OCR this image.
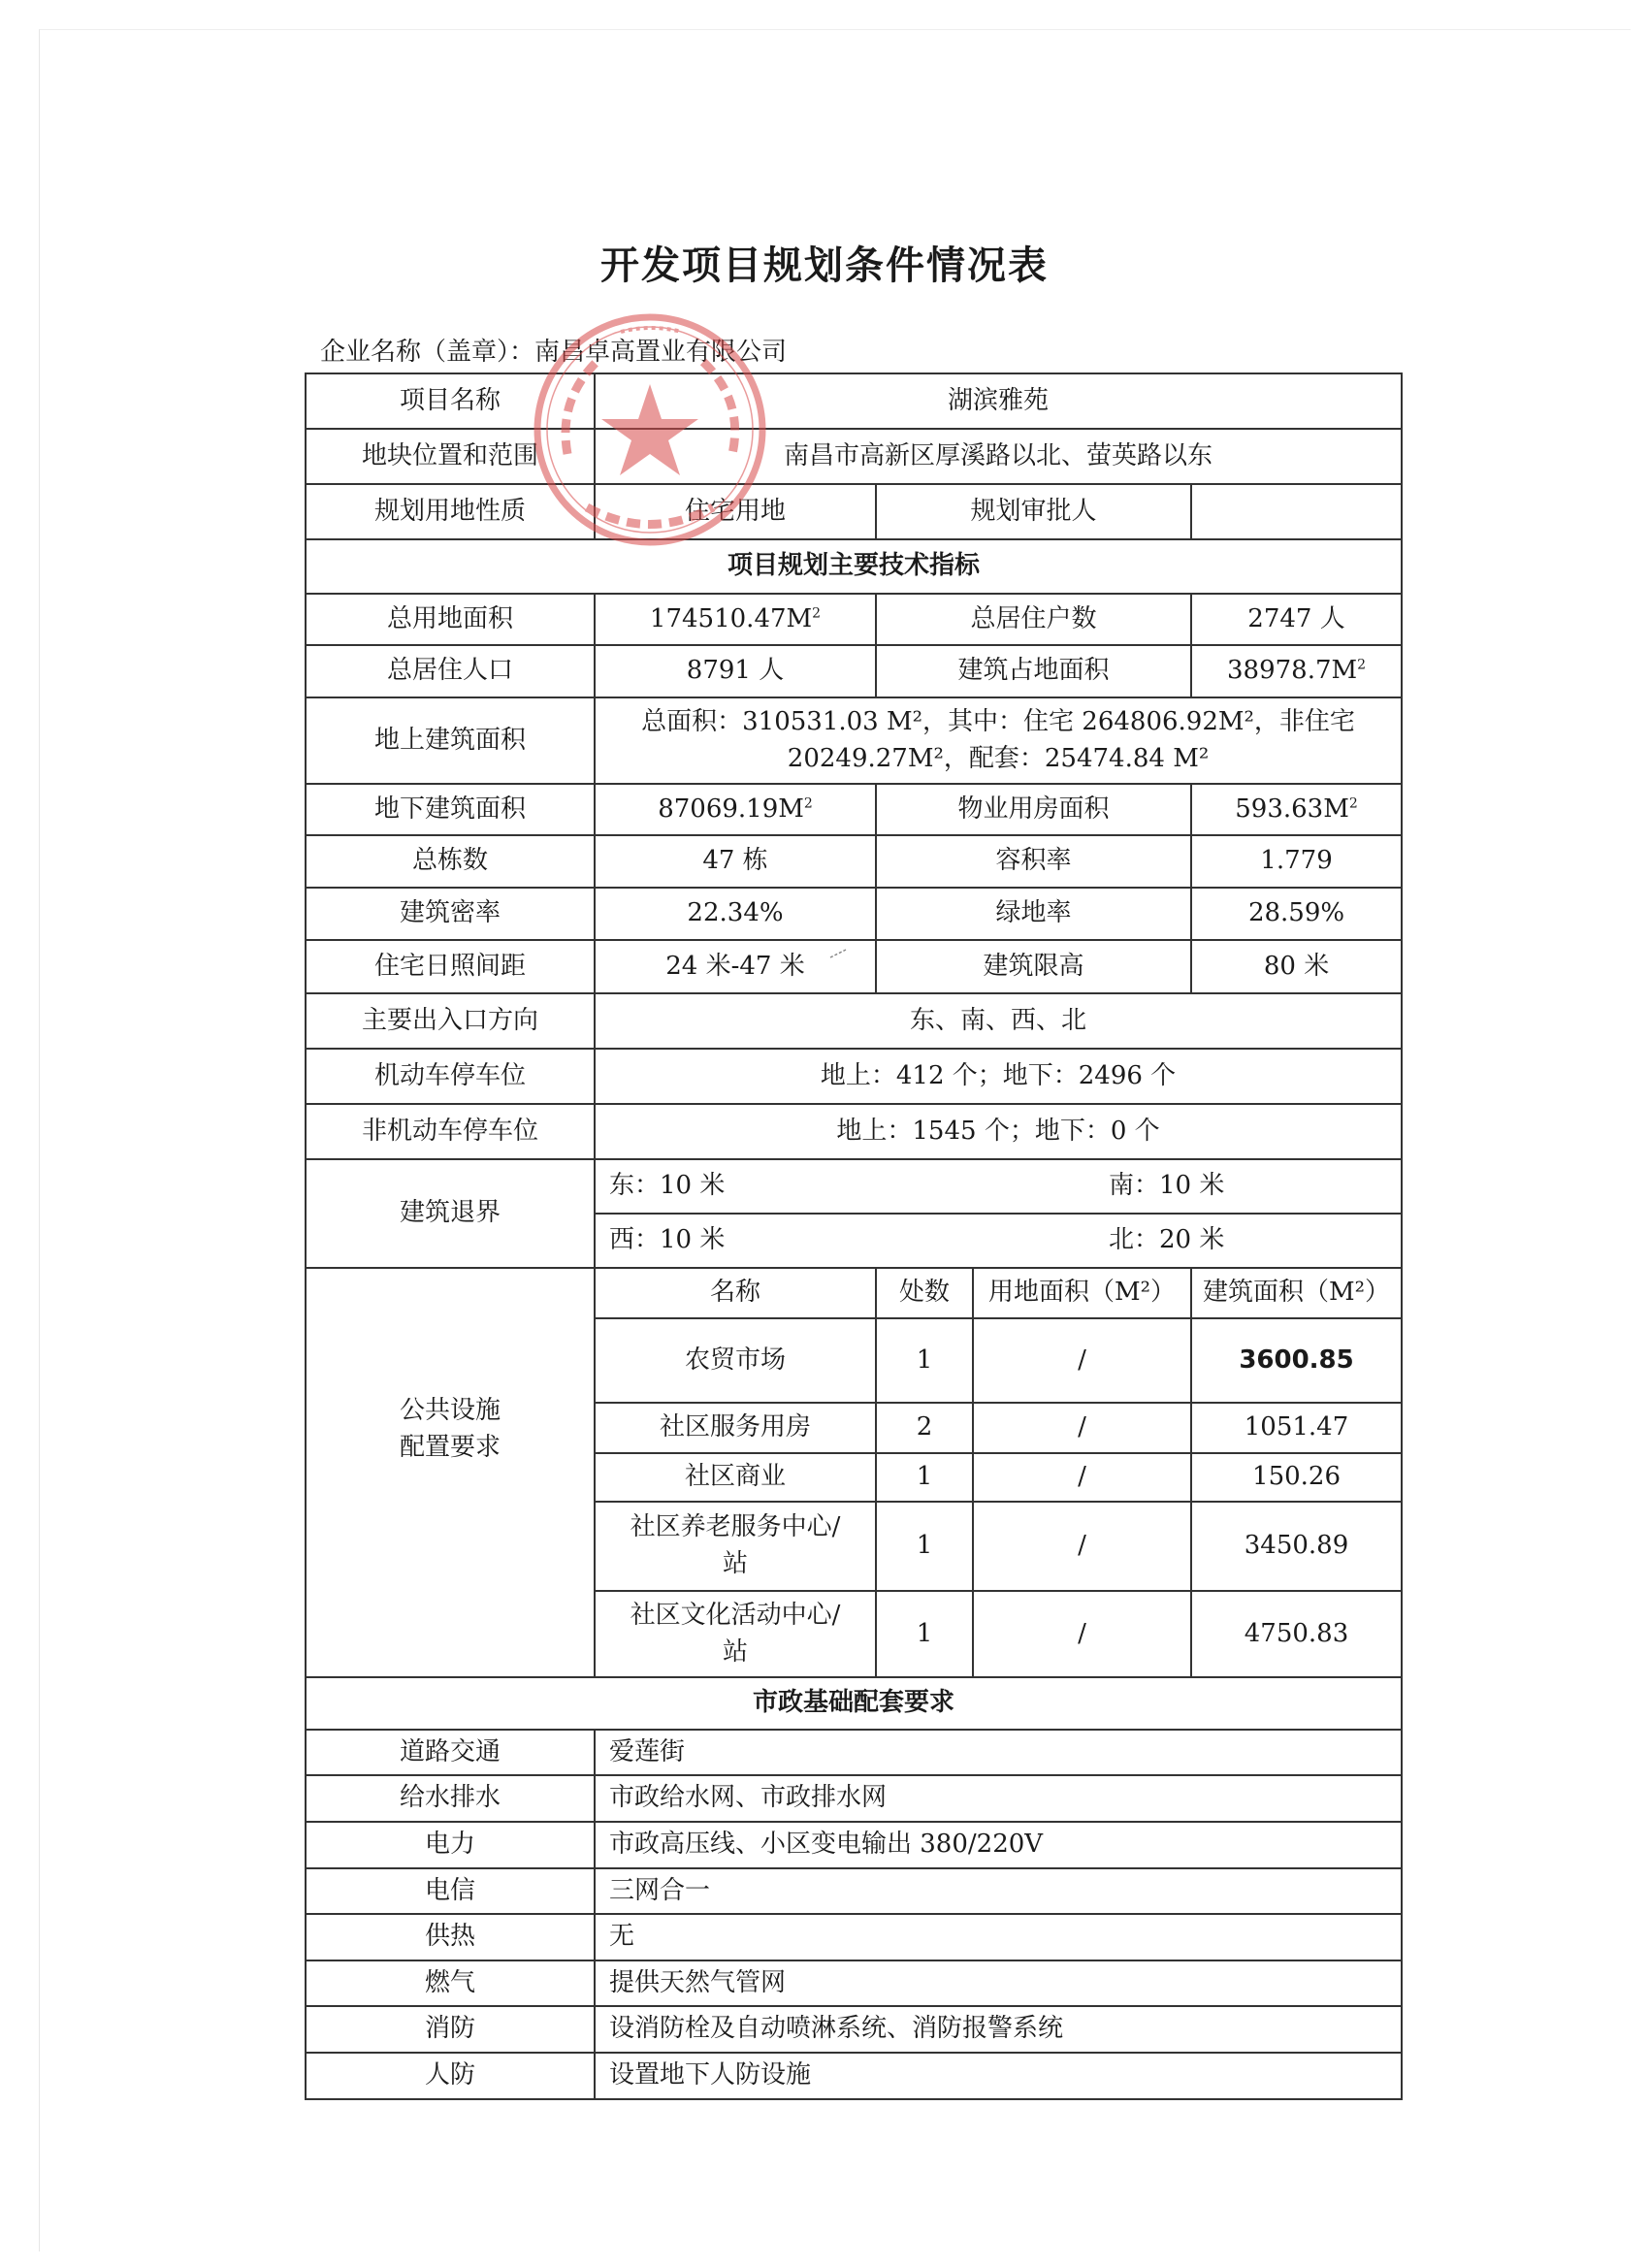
开发项目规划条件情况表
企业名称（盖章）：南昌卓高置业有限公司
项目名称	湖滨雅苑			
地块位置和范围	南昌市高新区厚溪路以北、萤英路以东			
规划用地性质	住宅用地	规划审批人		
项目规划主要技术指标				
总用地面积	$174510.47M^2$	总居住户数		2747 人
总居住人口	8791 人	建筑占地面积		$38978.7M^2$
地上建筑面积	总面积：310531.03 M²，其中：住宅 264806.92M²，非住宅
20249.27M²，配套：25474.84 M²			

地下建筑面积	$87069.19M^2$	物业用房面积		$593.63M^2$
总栋数	47 栋	容积率		1.779
建筑密率	22.34%	绿地率		28.59%
住宅日照间距	24 米-47 米	建筑限高		80 米
主要出入口方向	东、南、西、北			
机动车停车位	地上：412 个；地下：2496 个			
非机动车停车位	地上：1545 个；地下：0 个			
建筑退界	东：10 米		南：10 米	
	西：10 米		北：20 米	

公共设施
配置要求	名称	处数	用地面积（M²）	建筑面积（M²）
	农贸市场	1	/	3600.85
	社区服务用房	2	/	1051.47
	社区商业	1	/	150.26

	社区养老服务中心/
站	1	/	3450.89

	社区文化活动中心/
站	1	/	4750.83
市政基础配套要求				
道路交通	爱莲街			
给水排水	市政给水网、市政排水网			
电力	市政高压线、小区变电输出 380/220V			
电信	三网合一			
供热	无			
燃气	提供天然气管网			
消防	设消防栓及自动喷淋系统、消防报警系统			
人防	设置地下人防设施			
